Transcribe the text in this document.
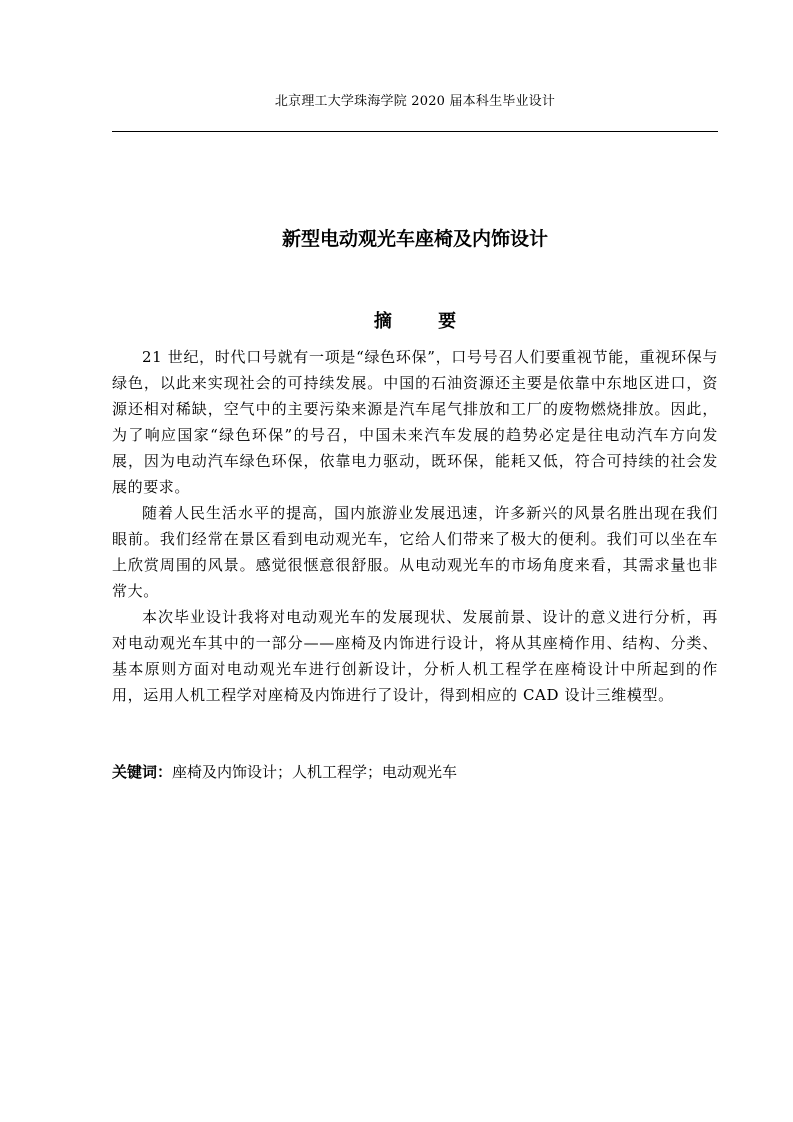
北京理工大学珠海学院 2020 届本科生毕业设计
新型电动观光车座椅及内饰设计
摘 要

21 世纪，时代口号就有一项是“绿色环保”，口号号召人们要重视节能，重视环保与绿色，以此来实现社会的可持续发展。中国的石油资源还主要是依靠中东地区进口，资源还相对稀缺，空气中的主要污染来源是汽车尾气排放和工厂的废物燃烧排放。因此，为了响应国家“绿色环保”的号召，中国未来汽车发展的趋势必定是往电动汽车方向发展，因为电动汽车绿色环保，依靠电力驱动，既环保，能耗又低，符合可持续的社会发展的要求。

随着人民生活水平的提高，国内旅游业发展迅速，许多新兴的风景名胜出现在我们眼前。我们经常在景区看到电动观光车，它给人们带来了极大的便利。我们可以坐在车上欣赏周围的风景。感觉很惬意很舒服。从电动观光车的市场角度来看，其需求量也非常大。

本次毕业设计我将对电动观光车的发展现状、发展前景、设计的意义进行分析，再对电动观光车其中的一部分——座椅及内饰进行设计，将从其座椅作用、结构、分类、基本原则方面对电动观光车进行创新设计，分析人机工程学在座椅设计中所起到的作用，运用人机工程学对座椅及内饰进行了设计，得到相应的 CAD 设计三维模型。

关键词：座椅及内饰设计；人机工程学；电动观光车
